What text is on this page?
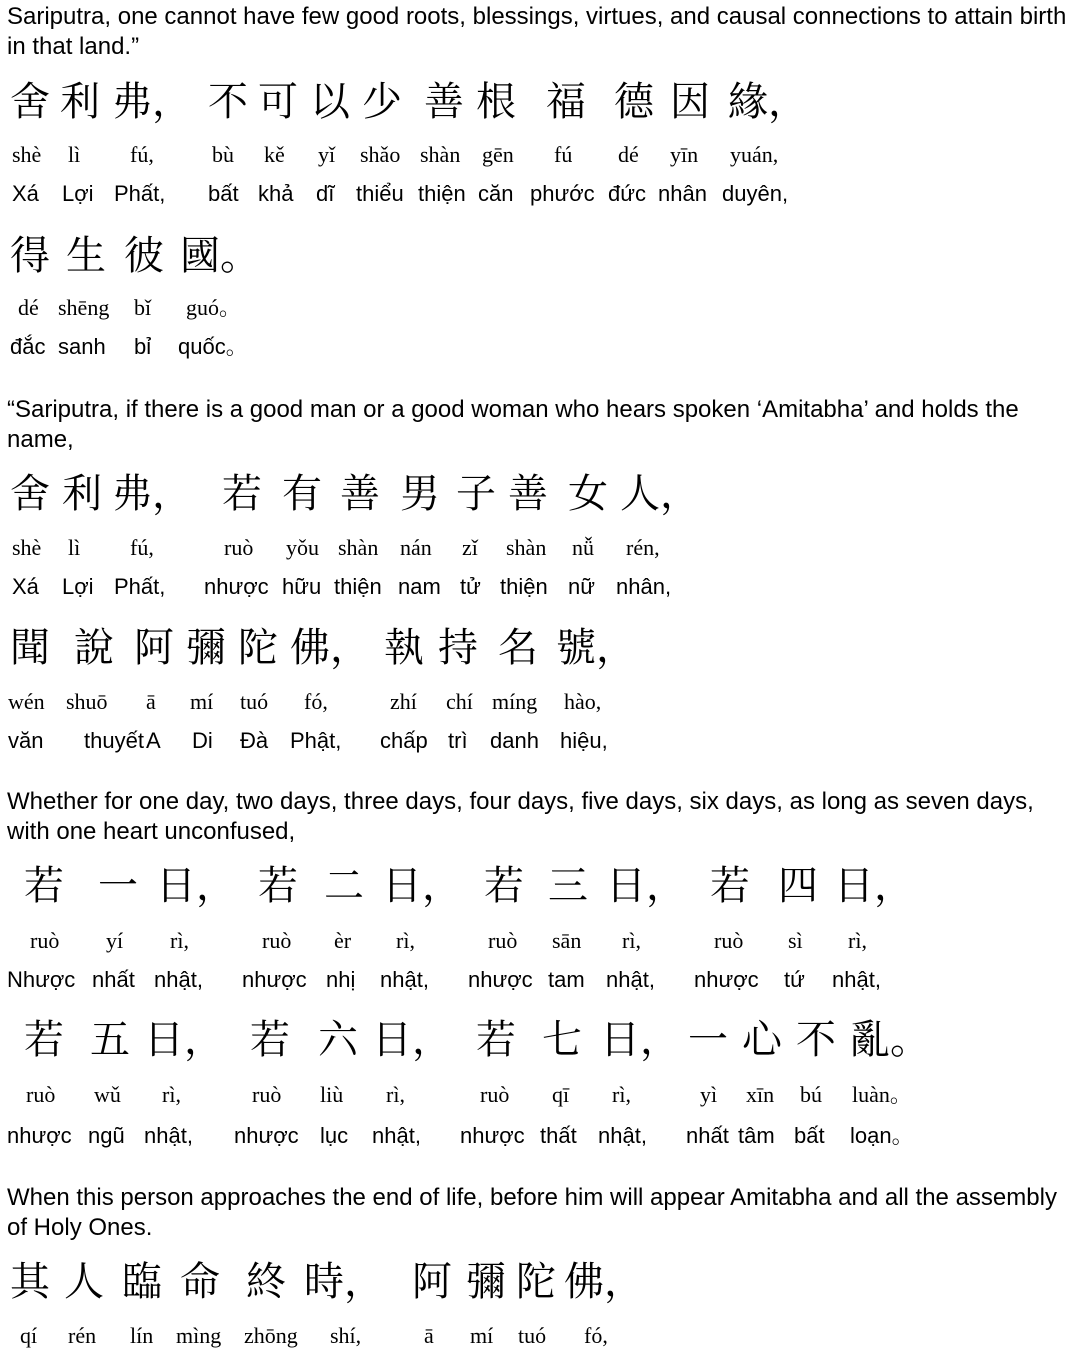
Sariputra, one cannot have few good roots, blessings, virtues, and causal connections to attain birth in that land.”

舍 利 弗， 不 可 以 少 善 根 福 德 因 緣，
shè lì fú,	bù kě yǐ shǎo shàn gēn fú dé yīn yuán,
Xá Lợi Phất, bất khả dĩ thiểu thiện căn phước đức nhân duyên,
得 生 彼 國。
dé shēng bǐ guó。
đắc sanh bỉ quốc。

“Sariputra, if there is a good man or a good woman who hears spoken ‘Amitabha’ and holds the name,

舍 利 弗， 若 有 善 男 子 善 女 人，
shè lì fú,	ruò yǒu shàn nán zǐ shàn nǚ rén,
Xá Lợi Phất, nhược hữu thiện nam tử thiện nữ nhân,
聞 說 阿 彌 陀 佛， 執 持 名 號，
wén shuō ā mí tuó fó,	zhí chí míng hào,
văn thuyết A Di Đà Phật, chấp trì danh hiệu,

Whether for one day, two days, three days, four days, five days, six days, as long as seven days, with one heart unconfused,

若 一 日， 若 二 日， 若 三 日， 若 四 日，
ruò yí rì,	ruò èr rì,	ruò sān rì,	ruò sì rì,
Nhược nhất nhật, nhược nhị nhật, nhược tam nhật, nhược tứ nhật,
若 五 日， 若 六 日， 若 七 日， 一 心 不 亂。
ruò wǔ rì,	ruò liù rì,	ruò qī rì,	yì xīn bú luàn。
nhược ngũ nhật, nhược lục nhật, nhược thất nhật, nhất tâm bất loạn。

When this person approaches the end of life, before him will appear Amitabha and all the assembly of Holy Ones.

其 人 臨 命 終 時， 阿 彌 陀 佛，
qí rén lín mìng zhōng shí,	ā mí tuó fó,
